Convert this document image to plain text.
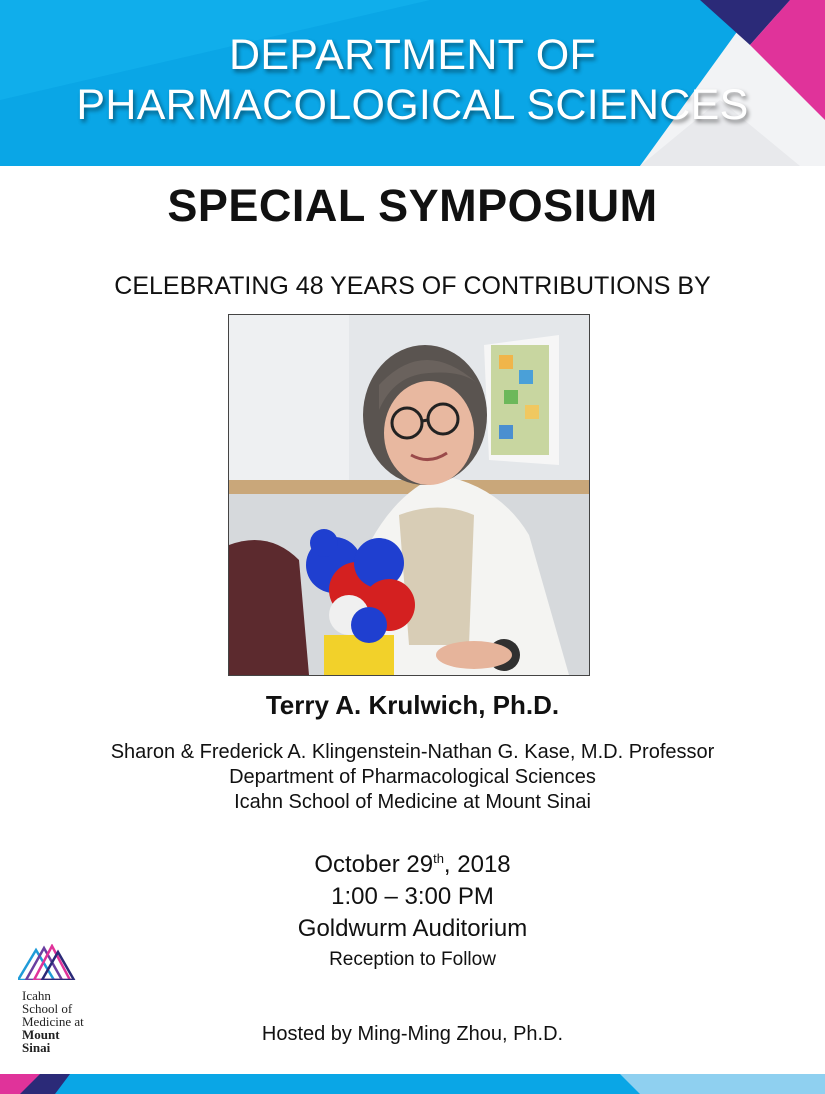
DEPARTMENT OF
PHARMACOLOGICAL SCIENCES
SPECIAL SYMPOSIUM
CELEBRATING 48 YEARS OF CONTRIBUTIONS BY
Terry A. Krulwich, Ph.D.
Sharon & Frederick A. Klingenstein-Nathan G. Kase, M.D. Professor
Department of Pharmacological Sciences
Icahn School of Medicine at Mount Sinai
October 29th, 2018
1:00 – 3:00 PM
Goldwurm Auditorium
Reception to Follow
Icahn
School of
Medicine at
Mount
Sinai
Hosted by Ming-Ming Zhou, Ph.D.
